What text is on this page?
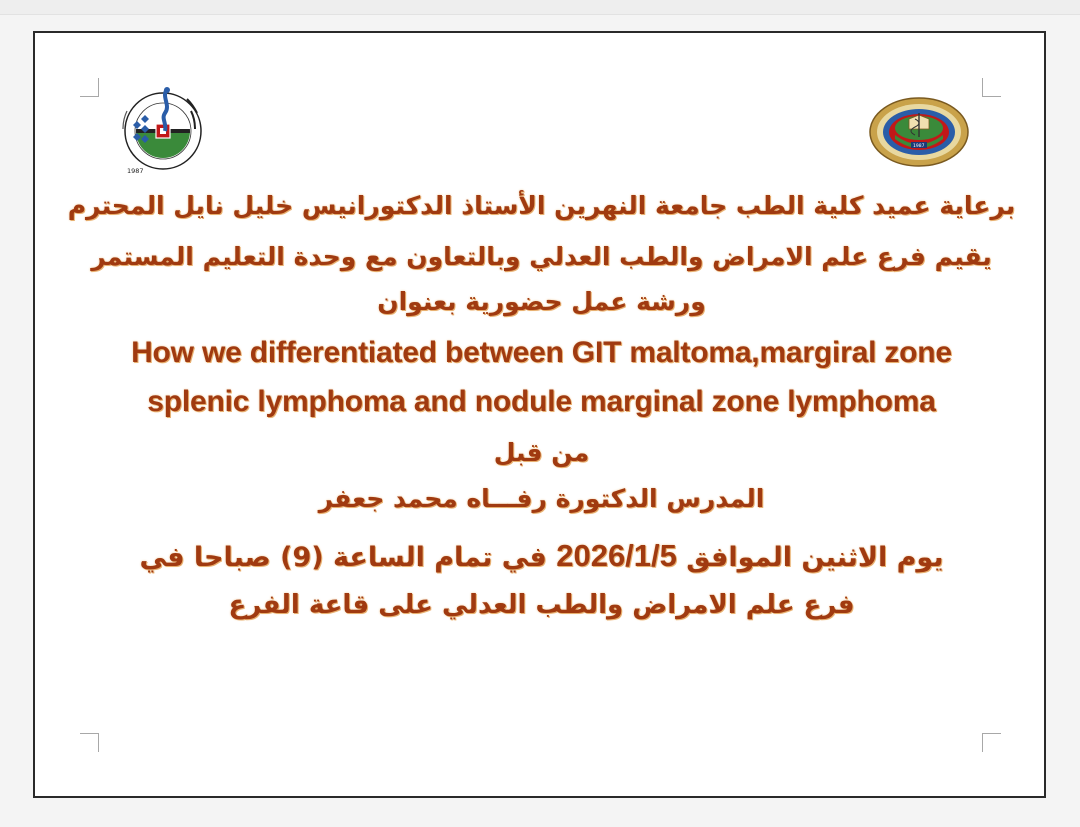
1987
1987
برعاية عميد كلية الطب جامعة النهرين الأستاذ الدكتورانيس خليل نايل المحترم
يقيم فرع علم الامراض والطب العدلي وبالتعاون مع وحدة التعليم المستمر
ورشة عمل حضورية بعنوان
How we differentiated between GIT maltoma,margiral zone
splenic lymphoma and nodule marginal zone lymphoma
من قبل
المدرس الدكتورة رفـــاه محمد جعفر
يوم الاثنين الموافق 2026/1/5 في تمام الساعة (9) صباحا في
فرع علم الامراض والطب العدلي على قاعة الفرع
